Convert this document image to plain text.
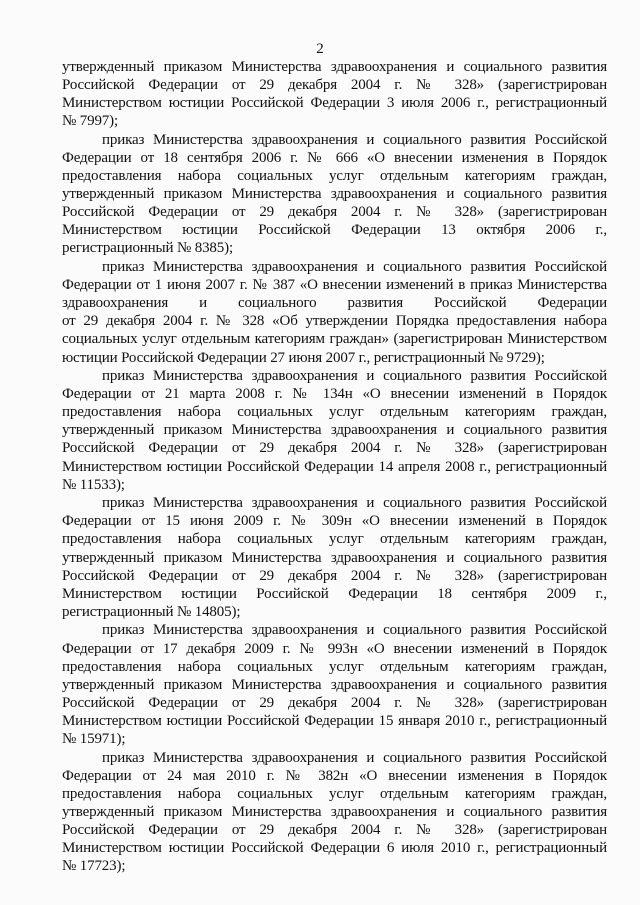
2
утвержденный приказом Министерства здравоохранения и социального развития
Российской Федерации от 29 декабря 2004 г. № 328» (зарегистрирован
Министерством юстиции Российской Федерации 3 июля 2006 г., регистрационный
№ 7997);
приказ Министерства здравоохранения и социального развития Российской
Федерации от 18 сентября 2006 г. № 666 «О внесении изменения в Порядок
предоставления набора социальных услуг отдельным категориям граждан,
утвержденный приказом Министерства здравоохранения и социального развития
Российской Федерации от 29 декабря 2004 г. № 328» (зарегистрирован
Министерством юстиции Российской Федерации 13 октября 2006 г.,
регистрационный № 8385);
приказ Министерства здравоохранения и социального развития Российской
Федерации от 1 июня 2007 г. № 387 «О внесении изменений в приказ Министерства
здравоохранения и социального развития Российской Федерации
от 29 декабря 2004 г. № 328 «Об утверждении Порядка предоставления набора
социальных услуг отдельным категориям граждан» (зарегистрирован Министерством
юстиции Российской Федерации 27 июня 2007 г., регистрационный № 9729);
приказ Министерства здравоохранения и социального развития Российской
Федерации от 21 марта 2008 г. № 134н «О внесении изменений в Порядок
предоставления набора социальных услуг отдельным категориям граждан,
утвержденный приказом Министерства здравоохранения и социального развития
Российской Федерации от 29 декабря 2004 г. № 328» (зарегистрирован
Министерством юстиции Российской Федерации 14 апреля 2008 г., регистрационный
№ 11533);
приказ Министерства здравоохранения и социального развития Российской
Федерации от 15 июня 2009 г. № 309н «О внесении изменений в Порядок
предоставления набора социальных услуг отдельным категориям граждан,
утвержденный приказом Министерства здравоохранения и социального развития
Российской Федерации от 29 декабря 2004 г. № 328» (зарегистрирован
Министерством юстиции Российской Федерации 18 сентября 2009 г.,
регистрационный № 14805);
приказ Министерства здравоохранения и социального развития Российской
Федерации от 17 декабря 2009 г. № 993н «О внесении изменений в Порядок
предоставления набора социальных услуг отдельным категориям граждан,
утвержденный приказом Министерства здравоохранения и социального развития
Российской Федерации от 29 декабря 2004 г. № 328» (зарегистрирован
Министерством юстиции Российской Федерации 15 января 2010 г., регистрационный
№ 15971);
приказ Министерства здравоохранения и социального развития Российской
Федерации от 24 мая 2010 г. № 382н «О внесении изменения в Порядок
предоставления набора социальных услуг отдельным категориям граждан,
утвержденный приказом Министерства здравоохранения и социального развития
Российской Федерации от 29 декабря 2004 г. № 328» (зарегистрирован
Министерством юстиции Российской Федерации 6 июля 2010 г., регистрационный
№ 17723);
